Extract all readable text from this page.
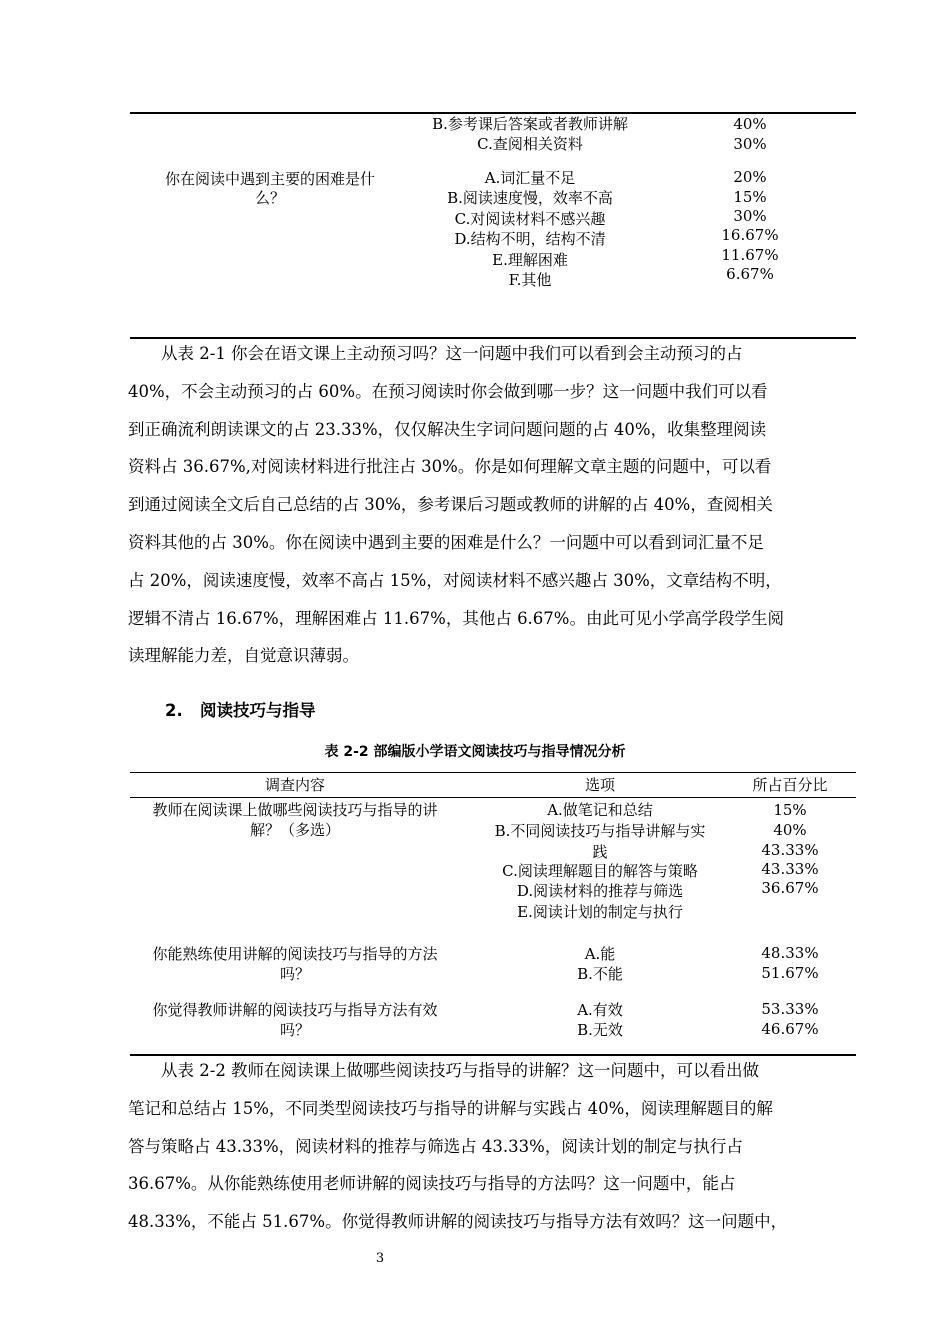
B.参考课后答案或者教师讲解
C.查阅相关资料
40%
30%
你在阅读中遇到主要的困难是什
么？
A.词汇量不足
B.阅读速度慢，效率不高
C.对阅读材料不感兴趣
D.结构不明，结构不清
E.理解困难
F.其他
20%
15%
30%
16.67%
11.67%
6.67%
从表 2-1 你会在语文课上主动预习吗？这一问题中我们可以看到会主动预习的占
40%，不会主动预习的占 60%。在预习阅读时你会做到哪一步？这一问题中我们可以看
到正确流利朗读课文的占 23.33%，仅仅解决生字词问题问题的占 40%，收集整理阅读
资料占 36.67%,对阅读材料进行批注占 30%。你是如何理解文章主题的问题中，可以看
到通过阅读全文后自己总结的占 30%，参考课后习题或教师的讲解的占 40%，查阅相关
资料其他的占 30%。你在阅读中遇到主要的困难是什么？一问题中可以看到词汇量不足
占 20%，阅读速度慢，效率不高占 15%，对阅读材料不感兴趣占 30%，文章结构不明，
逻辑不清占 16.67%，理解困难占 11.67%，其他占 6.67%。由此可见小学高学段学生阅
读理解能力差，自觉意识薄弱。
2.   阅读技巧与指导
表 2-2 部编版小学语文阅读技巧与指导情况分析
调查内容	选项	所占百分比
教师在阅读课上做哪些阅读技巧与指导的讲
解？（多选）
A.做笔记和总结
B.不同阅读技巧与指导讲解与实
践
C.阅读理解题目的解答与策略
D.阅读材料的推荐与筛选
E.阅读计划的制定与执行
15%
40%
43.33%
43.33%
36.67%
你能熟练使用讲解的阅读技巧与指导的方法
吗？
A.能
B.不能
48.33%
51.67%
你觉得教师讲解的阅读技巧与指导方法有效
吗？
A.有效
B.无效
53.33%
46.67%
从表 2-2 教师在阅读课上做哪些阅读技巧与指导的讲解？这一问题中，可以看出做
笔记和总结占 15%，不同类型阅读技巧与指导的讲解与实践占 40%，阅读理解题目的解
答与策略占 43.33%，阅读材料的推荐与筛选占 43.33%，阅读计划的制定与执行占
36.67%。从你能熟练使用老师讲解的阅读技巧与指导的方法吗？这一问题中，能占
48.33%，不能占 51.67%。你觉得教师讲解的阅读技巧与指导方法有效吗？这一问题中，
3
